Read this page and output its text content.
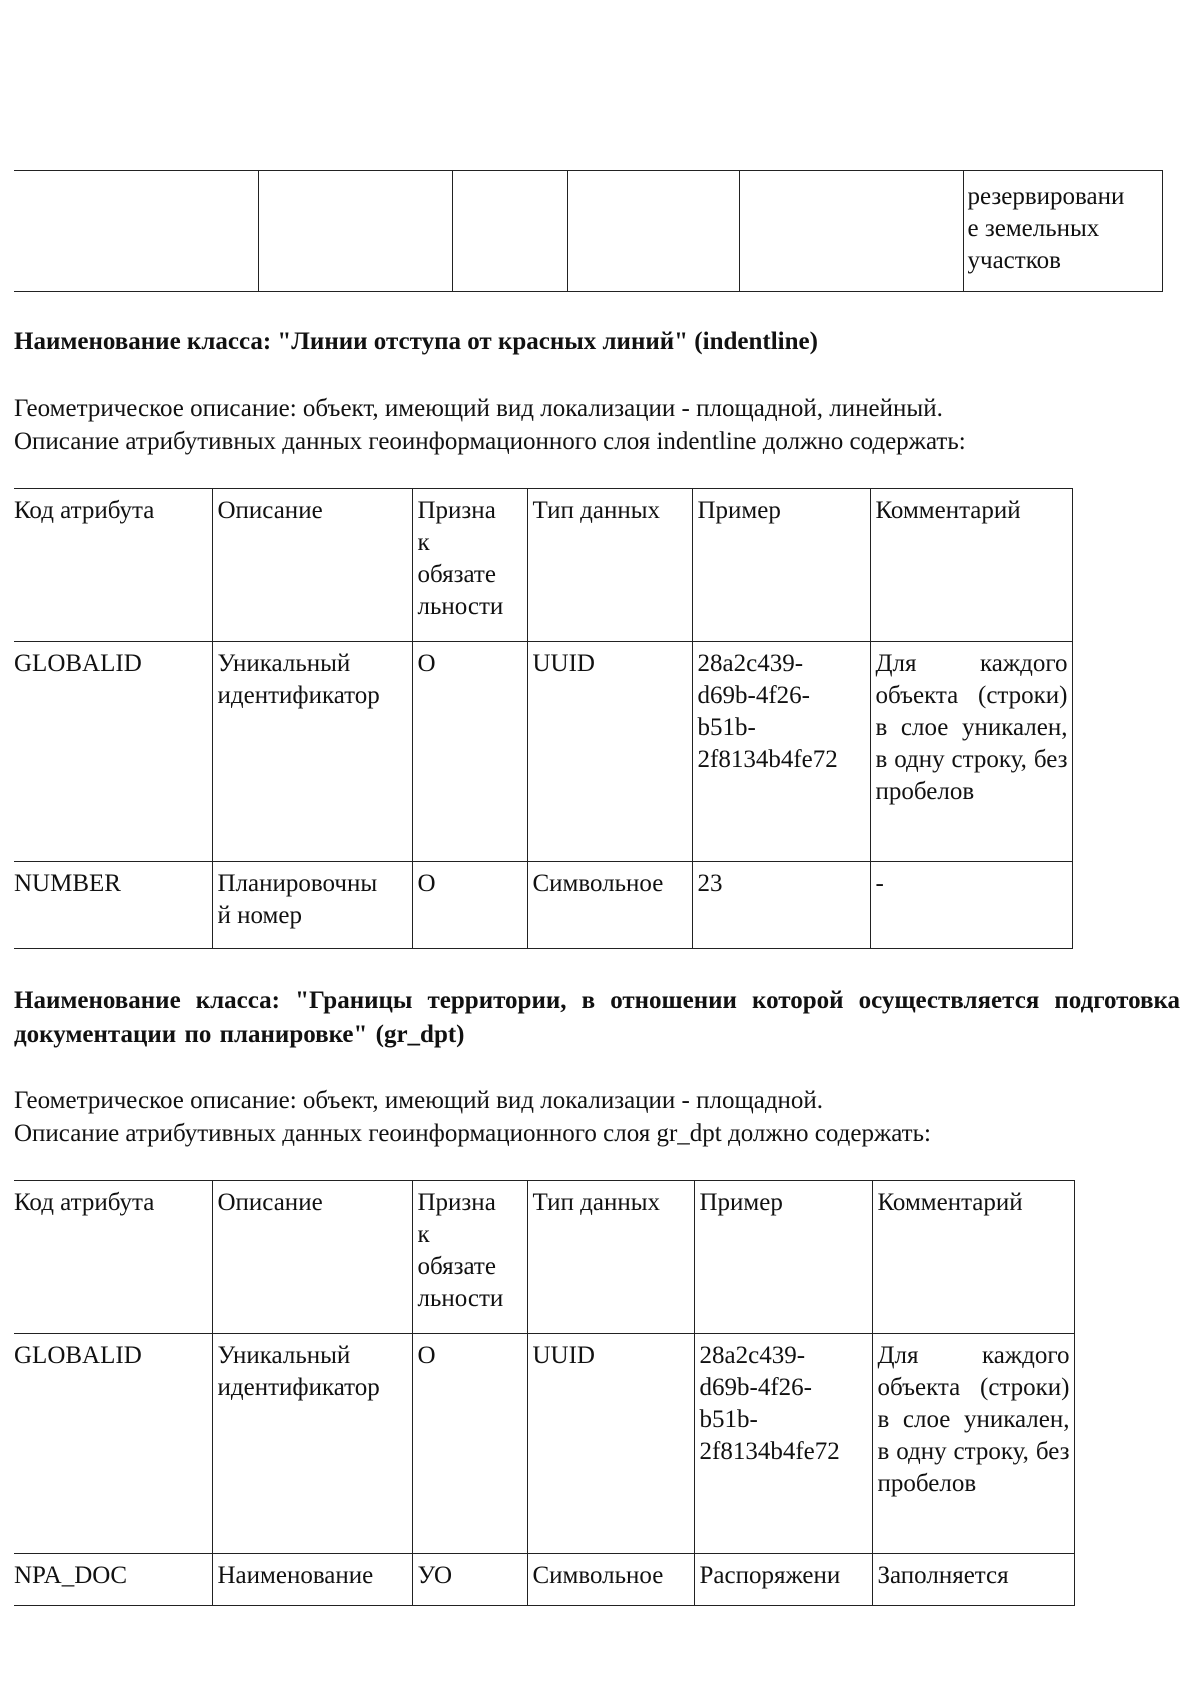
					резервировани
е земельных
участков
Наименование класса: "Линии отступа от красных линий" (indentline)
Геометрическое описание: объект, имеющий вид локализации - площадной, линейный.
Описание атрибутивных данных геоинформационного слоя indentline должно содержать:
Код атрибута	Описание	Призна
к
обязате
льности	Тип данных	Пример	Комментарий
GLOBALID	Уникальный
идентификатор	О	UUID	28a2c439-
d69b-4f26-
b51b-
2f8134b4fe72	Для каждого объекта (строки) в слое уникален, в одну строку, без пробелов
NUMBER	Планировочны
й номер	О	Символьное	23	-
Наименование класса: "Границы территории, в отношении которой осуществляется подготовка документации по планировке" (gr_dpt)
Геометрическое описание: объект, имеющий вид локализации - площадной.
Описание атрибутивных данных геоинформационного слоя gr_dpt должно содержать:
Код атрибута	Описание	Призна
к
обязате
льности	Тип данных	Пример	Комментарий
GLOBALID	Уникальный
идентификатор	О	UUID	28a2c439-
d69b-4f26-
b51b-
2f8134b4fe72	Для каждого объекта (строки) в слое уникален, в одну строку, без пробелов
NPA_DOC	Наименование	УО	Символьное	Распоряжени	Заполняется
